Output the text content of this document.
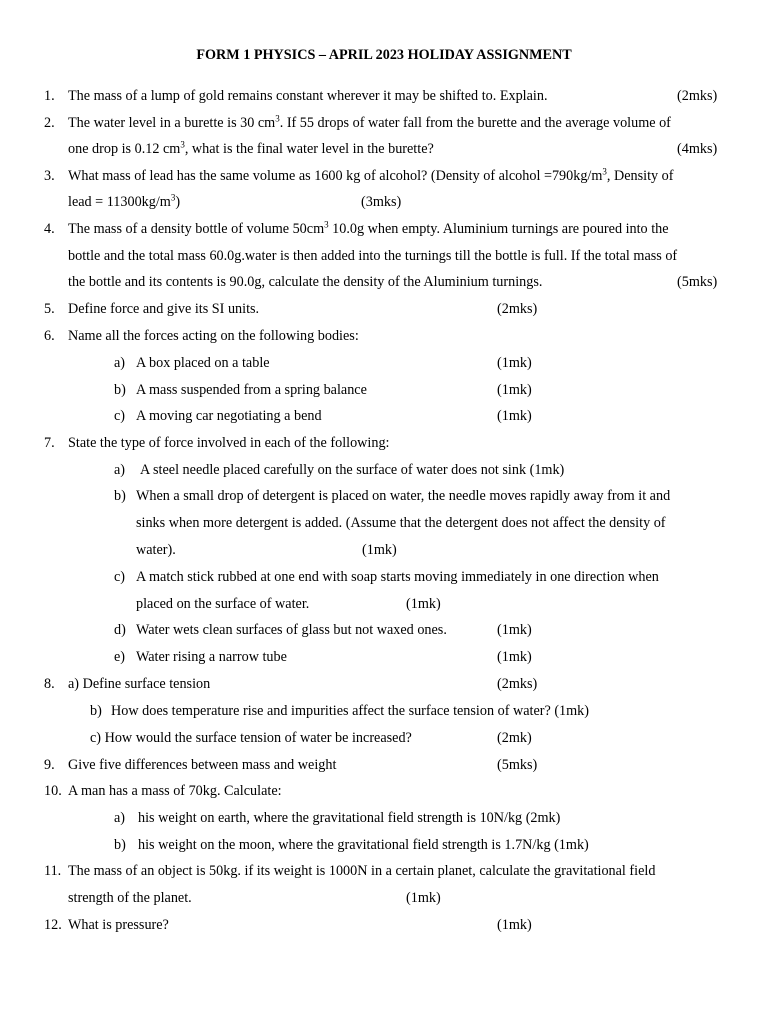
FORM 1 PHYSICS – APRIL 2023 HOLIDAY ASSIGNMENT
1. The mass of a lump of gold remains constant wherever it may be shifted to. Explain.	(2mks)
2. The water level in a burette is 30 $cm^3$. If 55 drops of water fall from the burette and the average volume of
one drop is 0.12 $cm^3$, what is the final water level in the burette?	(4mks)
3. What mass of lead has the same volume as 1600 kg of alcohol? (Density of alcohol $=790kg/m^3$, Density of
lead = $11300kg/m^3$)	(3mks)
4. The mass of a density bottle of volume $50cm^3$ 10.0g when empty. Aluminium turnings are poured into the
bottle and the total mass 60.0g.water is then added into the turnings till the bottle is full. If the total mass of
the bottle and its contents is 90.0g, calculate the density of the Aluminium turnings.	(5mks)
5. Define force and give its SI units.	(2mks)
6. Name all the forces acting on the following bodies:
a) A box placed on a table	(1mk)
b) A mass suspended from a spring balance	(1mk)
c) A moving car negotiating a bend	(1mk)
7. State the type of force involved in each of the following:
a) A steel needle placed carefully on the surface of water does not sink (1mk)
b) When a small drop of detergent is placed on water, the needle moves rapidly away from it and
sinks when more detergent is added. (Assume that the detergent does not affect the density of
water).	(1mk)
c) A match stick rubbed at one end with soap starts moving immediately in one direction when
placed on the surface of water.	(1mk)
d) Water wets clean surfaces of glass but not waxed ones.	(1mk)
e) Water rising a narrow tube	(1mk)
8. a) Define surface tension	(2mks)
b) How does temperature rise and impurities affect the surface tension of water? (1mk)
c) How would the surface tension of water be increased?	(2mk)
9. Give five differences between mass and weight	(5mks)
10. A man has a mass of 70kg. Calculate:
a) his weight on earth, where the gravitational field strength is 10N/kg (2mk)
b) his weight on the moon, where the gravitational field strength is 1.7N/kg (1mk)
11. The mass of an object is 50kg. if its weight is 1000N in a certain planet, calculate the gravitational field
strength of the planet.	(1mk)
12. What is pressure?	(1mk)
